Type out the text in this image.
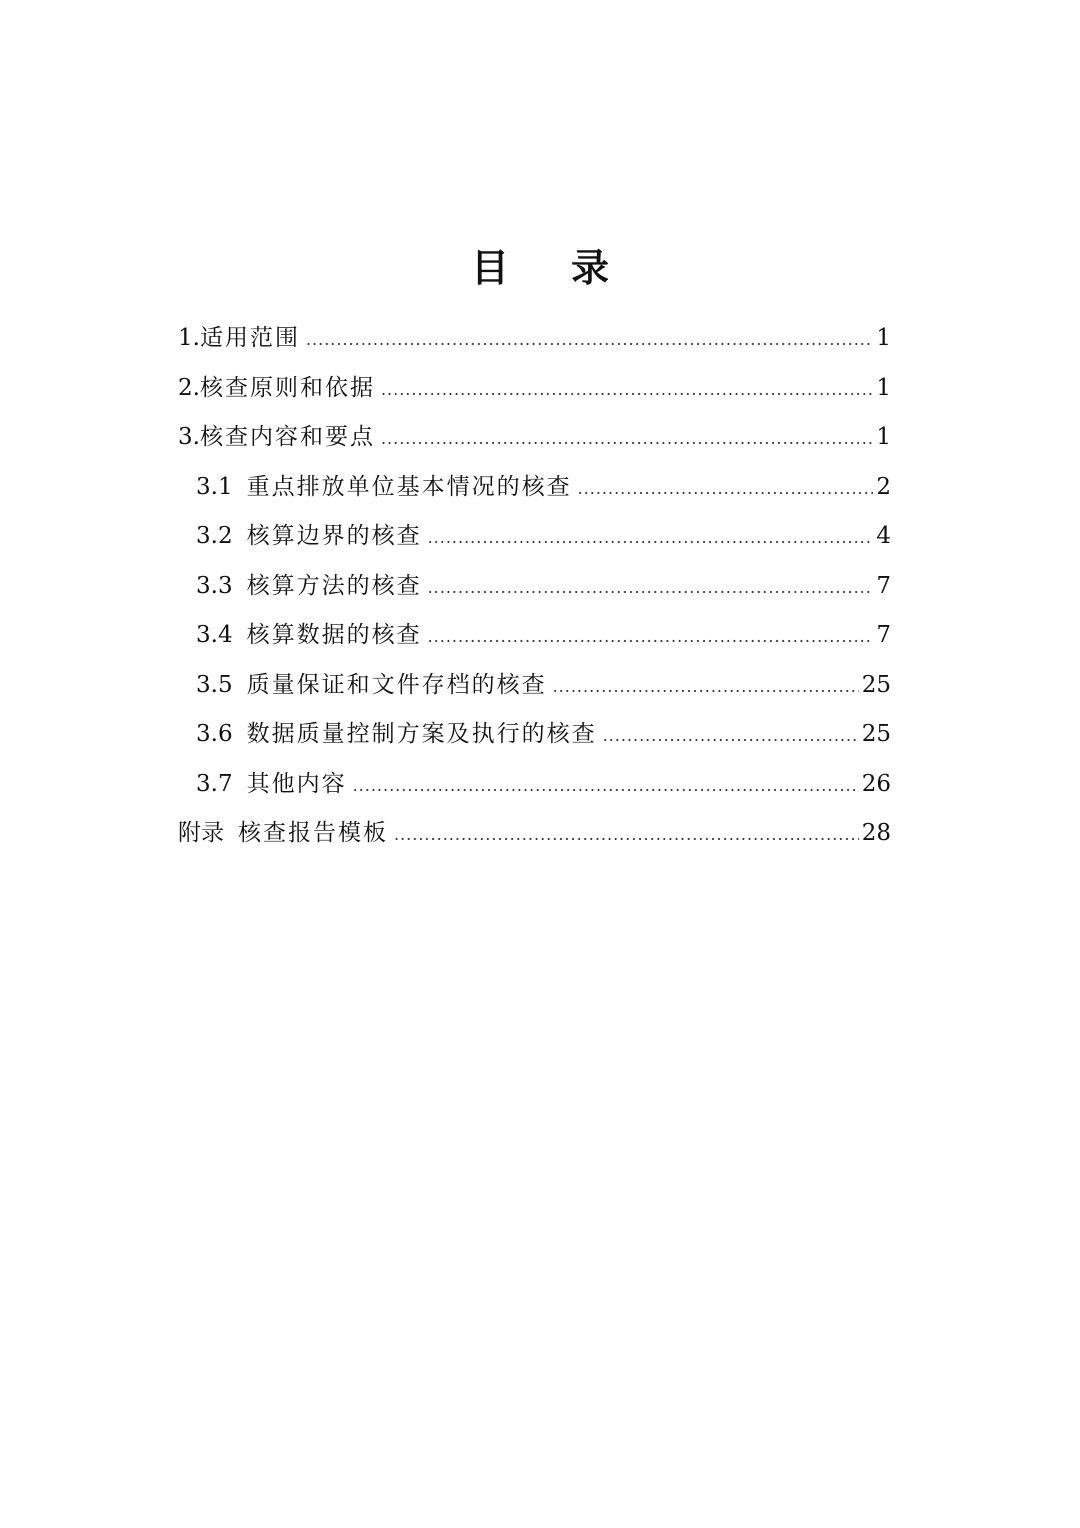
目 录
1. 适用范围 .....	1
2. 核查原则和依据 .....	1
3. 核查内容和要点 .....	1
3.1 重点排放单位基本情况的核查 .....	2
3.2 核算边界的核查 .....	4
3.3 核算方法的核查 .....	7
3.4 核算数据的核查 .....	7
3.5 质量保证和文件存档的核查 .....	25
3.6 数据质量控制方案及执行的核查 .....	25
3.7 其他内容 .....	26
附录 核查报告模板 .....	28
